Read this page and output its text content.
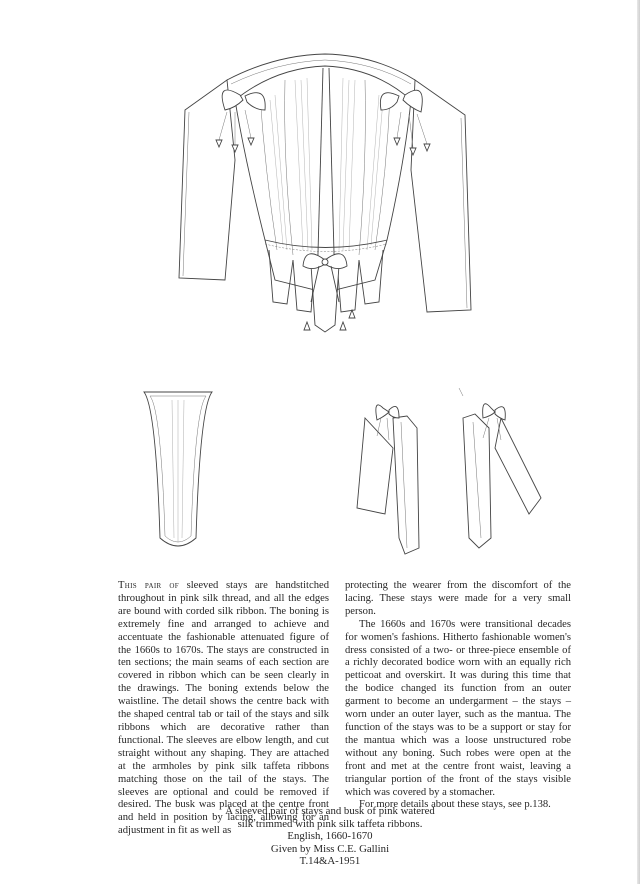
This pair of sleeved stays are handstitched throughout in pink silk thread, and all the edges are bound with corded silk ribbon. The boning is extremely fine and arranged to achieve and accentuate the fashionable attenuated figure of the 1660s to 1670s. The stays are constructed in ten sections; the main seams of each section are covered in ribbon which can be seen clearly in the drawings. The boning extends below the waistline. The detail shows the centre back with the shaped central tab or tail of the stays and silk ribbons which are decorative rather than functional. The sleeves are elbow length, and cut straight without any shaping. They are attached at the armholes by pink silk taffeta ribbons matching those on the tail of the stays. The sleeves are optional and could be removed if desired. The busk was placed at the centre front and held in position by lacing, allowing for an adjustment in fit as well as

protecting the wearer from the discomfort of the lacing. These stays were made for a very small person.

The 1660s and 1670s were transitional decades for women's fashions. Hitherto fashionable women's dress consisted of a two- or three-piece ensemble of a richly decorated bodice worn with an equally rich petticoat and overskirt. It was during this time that the bodice changed its function from an outer garment to become an undergarment – the stays – worn under an outer layer, such as the mantua. The function of the stays was to be a support or stay for the mantua which was a loose unstructured robe without any boning. Such robes were open at the front and met at the centre front waist, leaving a triangular portion of the front of the stays visible which was covered by a stomacher.

For more details about these stays, see p.138.

A sleeved pair of stays and busk of pink watered
silk trimmed with pink silk taffeta ribbons.
English, 1660-1670
Given by Miss C.E. Gallini
T.14&A-1951
